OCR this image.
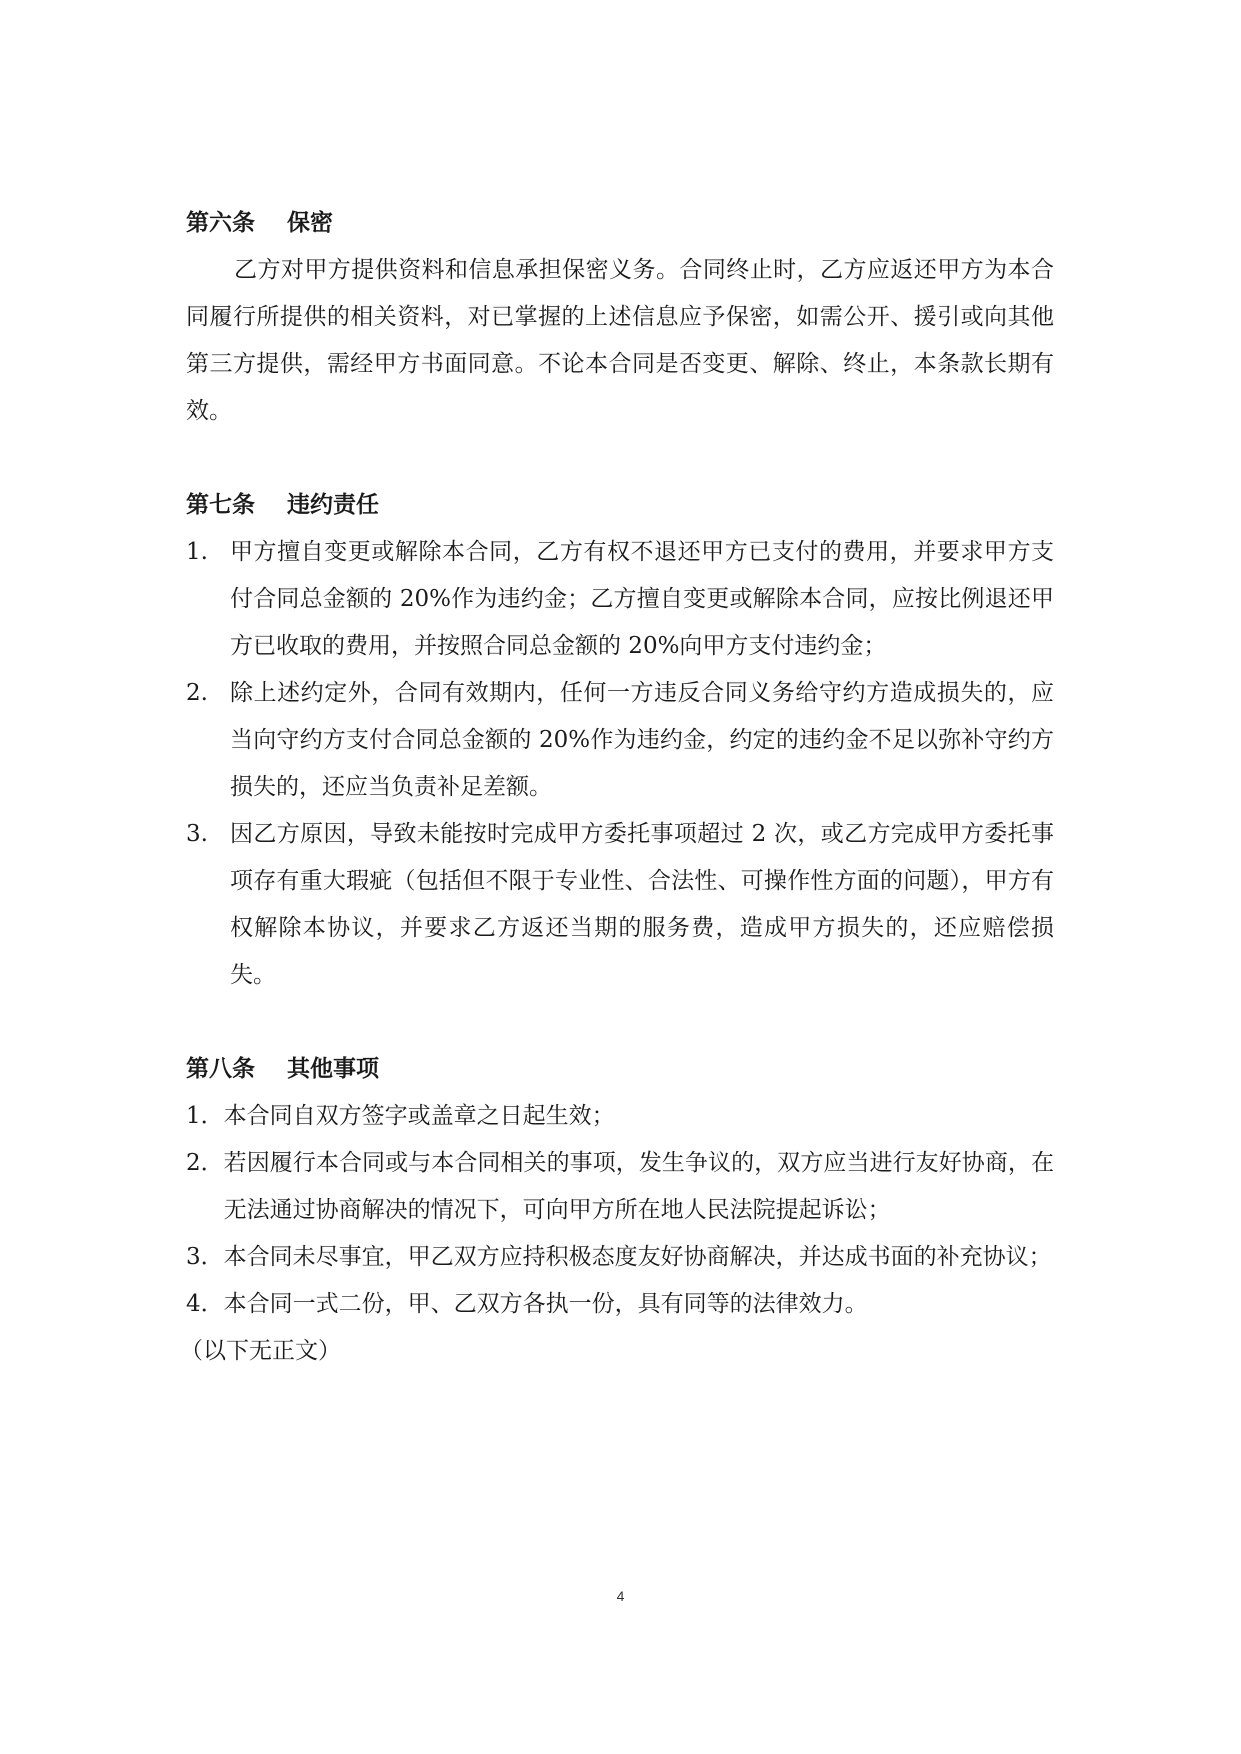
第六条    保密

乙方对甲方提供资料和信息承担保密义务。合同终止时，乙方应返还甲方为本合同履行所提供的相关资料，对已掌握的上述信息应予保密，如需公开、援引或向其他第三方提供，需经甲方书面同意。不论本合同是否变更、解除、终止，本条款长期有效。

第七条    违约责任

1. 甲方擅自变更或解除本合同，乙方有权不退还甲方已支付的费用，并要求甲方支付合同总金额的 20%作为违约金；乙方擅自变更或解除本合同，应按比例退还甲方已收取的费用，并按照合同总金额的 20%向甲方支付违约金；
2. 除上述约定外，合同有效期内，任何一方违反合同义务给守约方造成损失的，应当向守约方支付合同总金额的 20%作为违约金，约定的违约金不足以弥补守约方损失的，还应当负责补足差额。
3. 因乙方原因，导致未能按时完成甲方委托事项超过 2 次，或乙方完成甲方委托事项存有重大瑕疵（包括但不限于专业性、合法性、可操作性方面的问题），甲方有权解除本协议，并要求乙方返还当期的服务费，造成甲方损失的，还应赔偿损失。

第八条    其他事项

1． 本合同自双方签字或盖章之日起生效；
2． 若因履行本合同或与本合同相关的事项，发生争议的，双方应当进行友好协商，在无法通过协商解决的情况下，可向甲方所在地人民法院提起诉讼；
3． 本合同未尽事宜，甲乙双方应持积极态度友好协商解决，并达成书面的补充协议；
4． 本合同一式二份，甲、乙双方各执一份，具有同等的法律效力。

（以下无正文）

4
